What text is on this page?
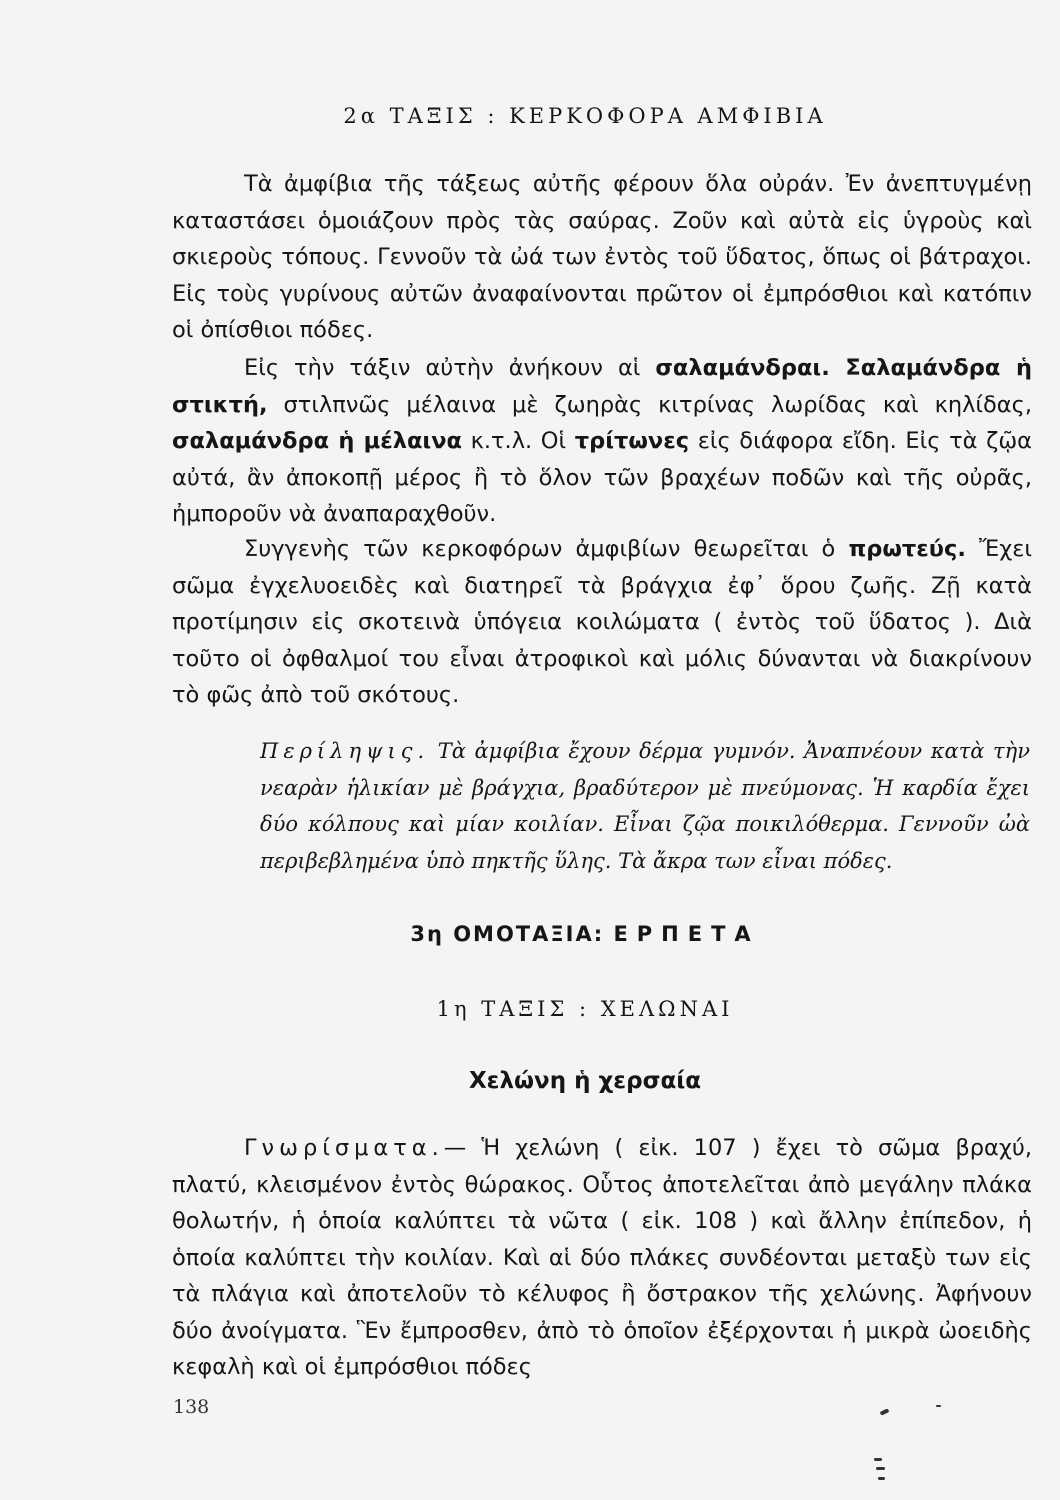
2α ΤΑΞΙΣ : ΚΕΡΚΟΦΟΡΑ ΑΜΦΙΒΙΑ
Τὰ ἀμφίβια τῆς τάξεως αὐτῆς φέρουν ὅλα οὐράν. Ἐν ἀνεπτυγμένῃ καταστάσει ὁμοιάζουν πρὸς τὰς σαύρας. Ζοῦν καὶ αὐτὰ εἰς ὑγροὺς καὶ σκιεροὺς τόπους. Γεννοῦν τὰ ὠά των ἐντὸς τοῦ ὕδατος, ὅπως οἱ βάτραχοι. Εἰς τοὺς γυρίνους αὐτῶν ἀναφαίνονται πρῶτον οἱ ἐμπρόσθιοι καὶ κατόπιν οἱ ὀπίσθιοι πόδες.
Εἰς τὴν τάξιν αὐτὴν ἀνήκουν αἱ σαλαμάνδραι. Σαλαμάνδρα ἡ στικτή, στιλπνῶς μέλαινα μὲ ζωηρὰς κιτρίνας λωρίδας καὶ κηλίδας, σαλαμάνδρα ἡ μέλαινα κ.τ.λ. Οἱ τρίτωνες εἰς διάφορα εἴδη. Εἰς τὰ ζῷα αὐτά, ἂν ἀποκοπῇ μέρος ἢ τὸ ὅλον τῶν βραχέων ποδῶν καὶ τῆς οὐρᾶς, ἠμποροῦν νὰ ἀναπαραχθοῦν.
Συγγενὴς τῶν κερκοφόρων ἀμφιβίων θεωρεῖται ὁ πρωτεύς. Ἔχει σῶμα ἐγχελυοειδὲς καὶ διατηρεῖ τὰ βράγχια ἐφ᾽ ὅρου ζωῆς. Ζῇ κατὰ προτίμησιν εἰς σκοτεινὰ ὑπόγεια κοιλώματα ( ἐντὸς τοῦ ὕδατος ). Διὰ τοῦτο οἱ ὀφθαλμοί του εἶναι ἀτροφικοὶ καὶ μόλις δύνανται νὰ διακρίνουν τὸ φῶς ἀπὸ τοῦ σκότους.
Περίληψις. Τὰ ἀμφίβια ἔχουν δέρμα γυμνόν. Ἀναπνέουν κατὰ τὴν νεαρὰν ἡλικίαν μὲ βράγχια, βραδύτερον μὲ πνεύμονας. Ἡ καρδία ἔχει δύο κόλπους καὶ μίαν κοιλίαν. Εἶναι ζῷα ποικιλόθερμα. Γεννοῦν ὠὰ περιβεβλημένα ὑπὸ πηκτῆς ὕλης. Τὰ ἄκρα των εἶναι πόδες.
3η ΟΜΟΤΑΞΙΑ: ΕΡΠΕΤΑ
1η ΤΑΞΙΣ : ΧΕΛΩΝΑΙ
Χελώνη ἡ χερσαία
Γνωρίσματα.— Ἡ χελώνη ( εἰκ. 107 ) ἔχει τὸ σῶμα βραχύ, πλατύ, κλεισμένον ἐντὸς θώρακος. Οὗτος ἀποτελεῖται ἀπὸ μεγάλην πλάκα θολωτήν, ἡ ὁποία καλύπτει τὰ νῶτα ( εἰκ. 108 ) καὶ ἄλλην ἐπίπεδον, ἡ ὁποία καλύπτει τὴν κοιλίαν. Καὶ αἱ δύο πλάκες συνδέονται μεταξὺ των εἰς τὰ πλάγια καὶ ἀποτελοῦν τὸ κέλυφος ἢ ὄστρακον τῆς χελώνης. Ἀφήνουν δύο ἀνοίγματα. Ἓν ἔμπροσθεν, ἀπὸ τὸ ὁποῖον ἐξέρχονται ἡ μικρὰ ὠοειδὴς κεφαλὴ καὶ οἱ ἐμπρόσθιοι πόδες
138
